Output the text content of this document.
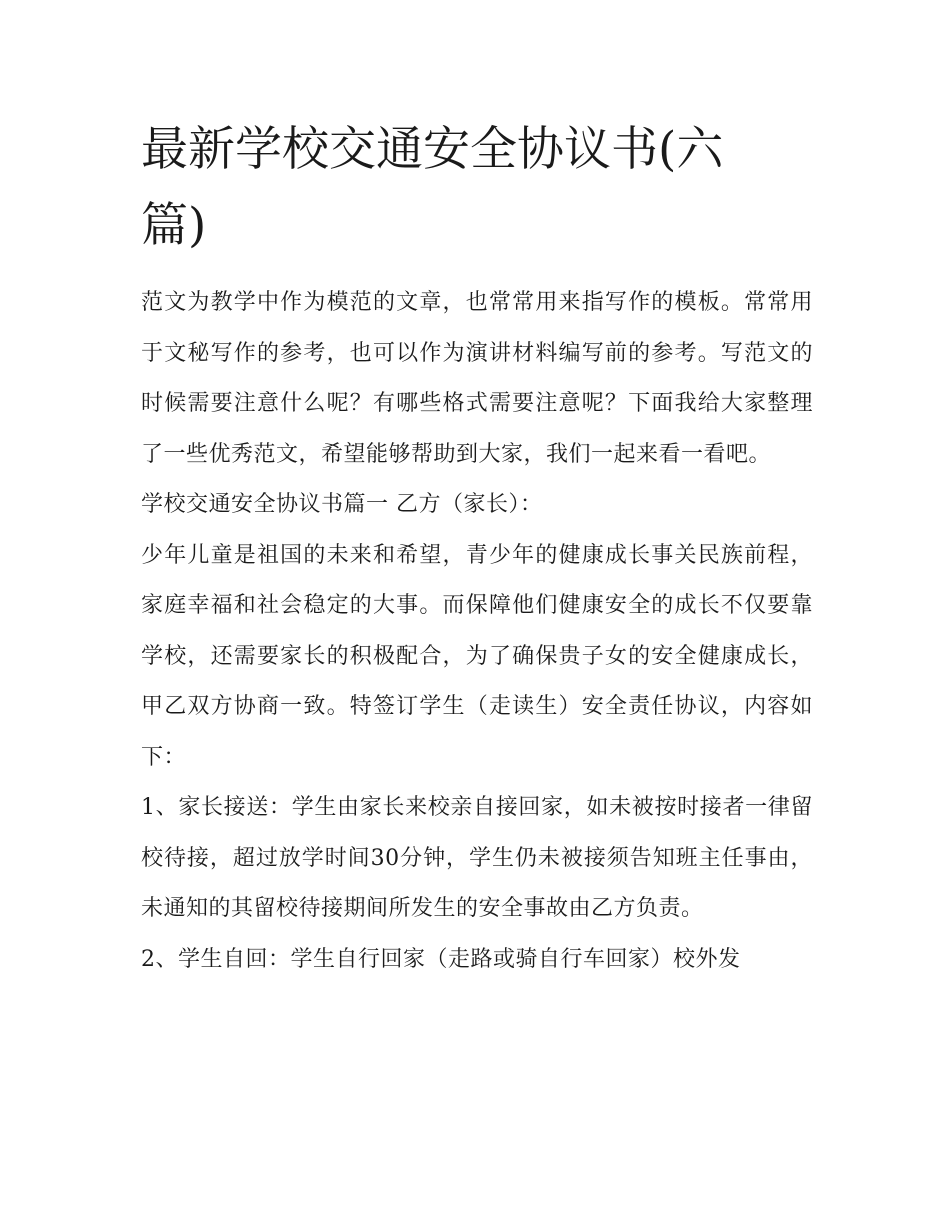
最新学校交通安全协议书(六篇)

范文为教学中作为模范的文章，也常常用来指写作的模板。常常用于文秘写作的参考，也可以作为演讲材料编写前的参考。写范文的时候需要注意什么呢？有哪些格式需要注意呢？下面我给大家整理了一些优秀范文，希望能够帮助到大家，我们一起来看一看吧。

学校交通安全协议书篇一 乙方（家长）：

少年儿童是祖国的未来和希望，青少年的健康成长事关民族前程，家庭幸福和社会稳定的大事。而保障他们健康安全的成长不仅要靠学校，还需要家长的积极配合，为了确保贵子女的安全健康成长，甲乙双方协商一致。特签订学生（走读生）安全责任协议，内容如下：

1、家长接送：学生由家长来校亲自接回家，如未被按时接者一律留校待接，超过放学时间30分钟，学生仍未被接须告知班主任事由，未通知的其留校待接期间所发生的安全事故由乙方负责。

2、学生自回：学生自行回家（走路或骑自行车回家）校外发
